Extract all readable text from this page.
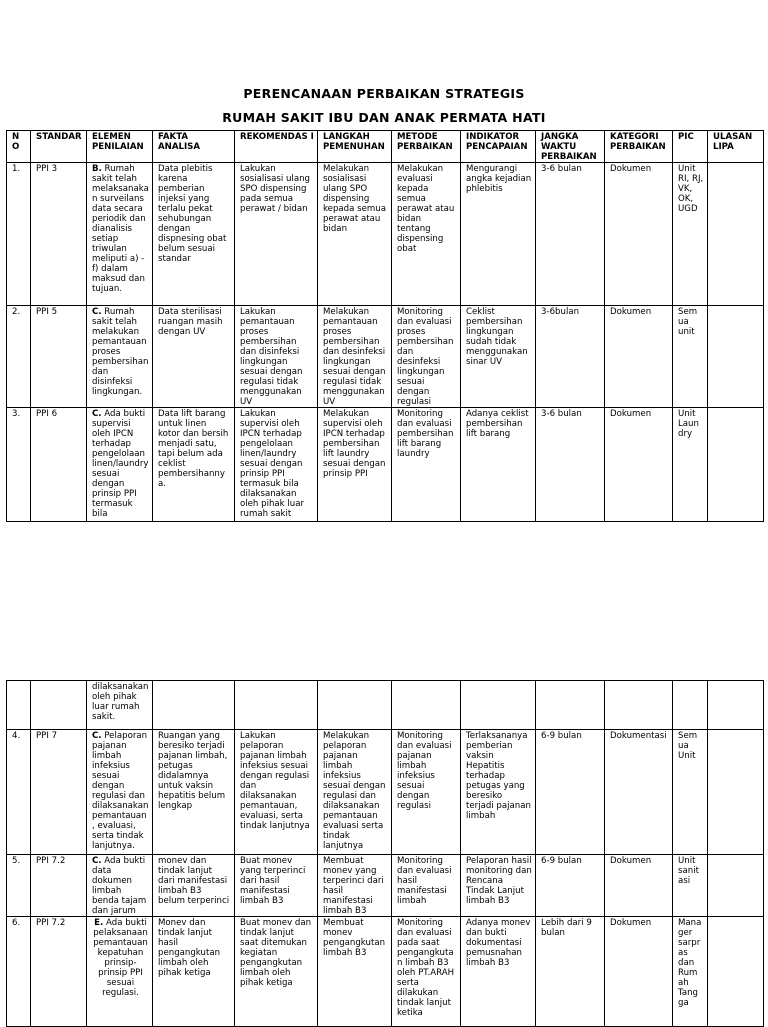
PERENCANAAN PERBAIKAN STRATEGIS
RUMAH SAKIT IBU DAN ANAK PERMATA HATI
N O	STANDAR	ELEMEN PENILAIAN	FAKTA ANALISA	REKOMENDAS I	LANGKAH PEMENUHAN	METODE PERBAIKAN	INDIKATOR PENCAPAIAN	JANGKA WAKTU PERBAIKAN	KATEGORI PERBAIKAN	PIC	ULASAN LIPA
1.	PPI 3	B. Rumah sakit telah melaksanaka n surveilans data secara periodik dan dianalisis setiap triwulan meliputi a) - f) dalam maksud dan tujuan.	Data plebitis karena pemberian injeksi yang terlalu pekat sehubungan dengan dispnesing obat belum sesuai standar	Lakukan sosialisasi ulang SPO dispensing pada semua perawat / bidan	Melakukan sosialisasi ulang SPO dispensing kepada semua perawat atau bidan	Melakukan evaluasi kepada semua perawat atau bidan tentang dispensing obat	Mengurangi angka kejadian phlebitis	3-6 bulan	Dokumen	Unit RI, RJ, VK, OK, UGD	
2.	PPI 5	C. Rumah sakit telah melakukan pemantauan proses pembersihan dan disinfeksi lingkungan.	Data sterilisasi ruangan masih dengan UV	Lakukan pemantauan proses pembersihan dan disinfeksi lingkungan sesuai dengan regulasi tidak menggunakan UV	Melakukan pemantauan proses pembersihan dan desinfeksi lingkungan sesuai dengan regulasi tidak menggunakan UV	Monitoring dan evaluasi proses pembersihan dan desinfeksi lingkungan sesuai dengan regulasi	Ceklist pembersihan lingkungan sudah tidak menggunakan sinar UV	3-6bulan	Dokumen	Sem ua unit	
3.	PPI 6	C. Ada bukti supervisi oleh IPCN terhadap pengelolaan linen/laundry sesuai dengan prinsip PPI termasuk bila	Data lift barang untuk linen kotor dan bersih menjadi satu, tapi belum ada ceklist pembersihanny a.	Lakukan supervisi oleh IPCN terhadap pengelolaan linen/laundry sesuai dengan prinsip PPI termasuk bila dilaksanakan oleh pihak luar rumah sakit	Melakukan supervisi oleh IPCN terhadap pembersihan lift laundry sesuai dengan prinsip PPI	Monitoring dan evaluasi pembersihan lift barang laundry	Adanya ceklist pembersihan lift barang	3-6 bulan	Dokumen	Unit Laun dry	
		dilaksanakan oleh pihak luar rumah sakit.									
4.	PPI 7	C. Pelaporan pajanan limbah infeksius sesuai dengan regulasi dan dilaksanakan pemantauan, evaluasi, serta tindak lanjutnya.	Ruangan yang beresiko terjadi pajanan limbah, petugas didalamnya untuk vaksin hepatitis belum lengkap	Lakukan pelaporan pajanan limbah infeksius sesuai dengan regulasi dan dilaksanakan pemantauan, evaluasi, serta tindak lanjutnya	Melakukan pelaporan pajanan limbah infeksius sesuai dengan regulasi dan dilaksanakan pemantauan evaluasi serta tindak lanjutnya	Monitoring dan evaluasi pajanan limbah infeksius sesuai dengan regulasi	Terlaksananya pemberian vaksin Hepatitis terhadap petugas yang beresiko terjadi pajanan limbah	6-9 bulan	Dokumentasi	Sem ua Unit	
5.	PPI 7.2	C. Ada bukti data dokumen limbah benda tajam dan jarum	monev dan tindak lanjut dari manifestasi limbah B3 belum terperinci	Buat monev yang terperinci dari hasil manifestasi limbah B3	Membuat monev yang terperinci dari hasil manifestasi limbah B3	Monitoring dan evaluasi hasil manifestasi limbah	Pelaporan hasil monitoring dan Rencana Tindak Lanjut limbah B3	6-9 bulan	Dokumen	Unit sanit asi	
6.	PPI 7.2	E. Ada bukti pelaksanaan pemantauan kepatuhan prinsip-prinsip PPI sesuai regulasi.	Monev dan tindak lanjut hasil pengangkutan limbah oleh pihak ketiga	Buat monev dan tindak lanjut saat ditemukan kegiatan pengangkutan limbah oleh pihak ketiga	Membuat monev pengangkutan limbah B3	Monitoring dan evaluasi pada saat pengangkuta n limbah B3 oleh PT.ARAH serta dilakukan tindak lanjut ketika	Adanya monev dan bukti dokumentasi pemusnahan limbah B3	Lebih dari 9 bulan	Dokumen	Mana ger sarpr as dan Rum ah Tang ga	
